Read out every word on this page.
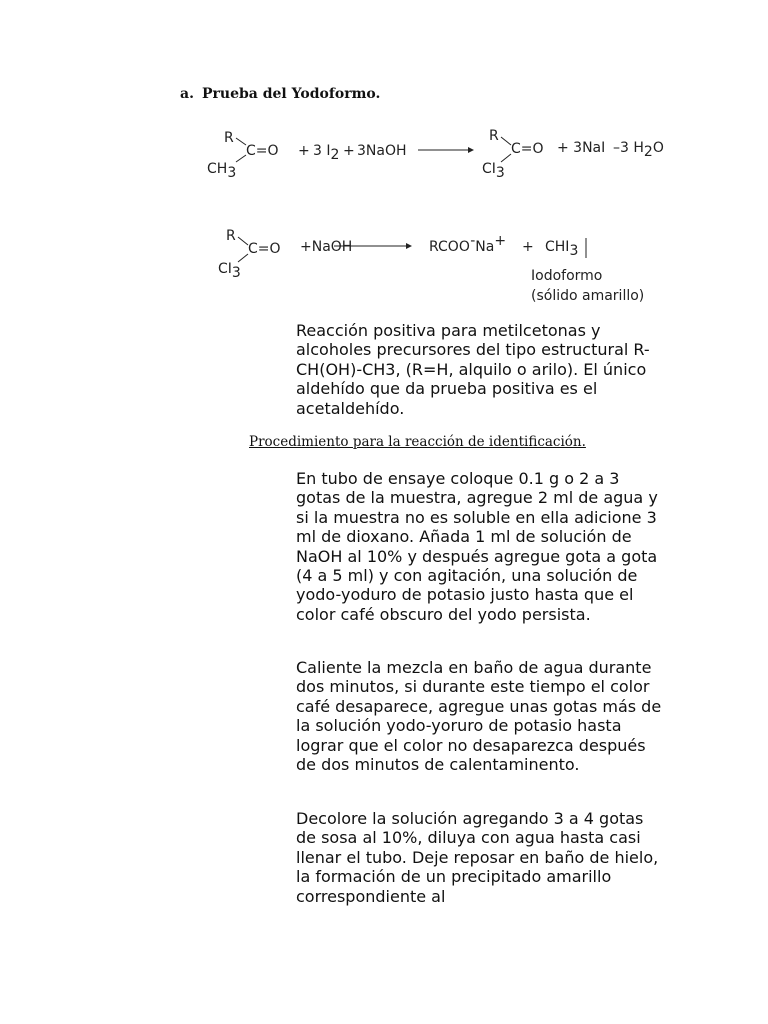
a. Prueba del Yodoformo.
R
C=O
CH3
+ 3 I2 + 3NaOH
R
C=O
CI3
+ 3NaI –3 H2O
R
C=O
CI3
+NaOH	RCOO-Na+ + CHI3
Iodoformo
(sólido amarillo)

Reacción positiva para metilcetonas y alcoholes precursores del tipo estructural R-CH(OH)-CH3, (R=H, alquilo o arilo). El único aldehído que da prueba positiva es el acetaldehído.

Procedimiento para la reacción de identificación.

En tubo de ensaye coloque 0.1 g o 2 a 3 gotas de la muestra, agregue 2 ml de agua y si la muestra no es soluble en ella adicione 3 ml de dioxano. Añada 1 ml de solución de NaOH al 10% y después agregue gota a gota (4 a 5 ml) y con agitación, una solución de yodo-yoduro de potasio justo hasta que el color café obscuro del yodo persista.

Caliente la mezcla en baño de agua durante dos minutos, si durante este tiempo el color café desaparece, agregue unas gotas más de la solución yodo-yoruro de potasio hasta lograr que el color no desaparezca después de dos minutos de calentaminento.

Decolore la solución agregando 3 a 4 gotas de sosa al 10%, diluya con agua hasta casi llenar el tubo. Deje reposar en baño de hielo, la formación de un precipitado amarillo correspondiente al
